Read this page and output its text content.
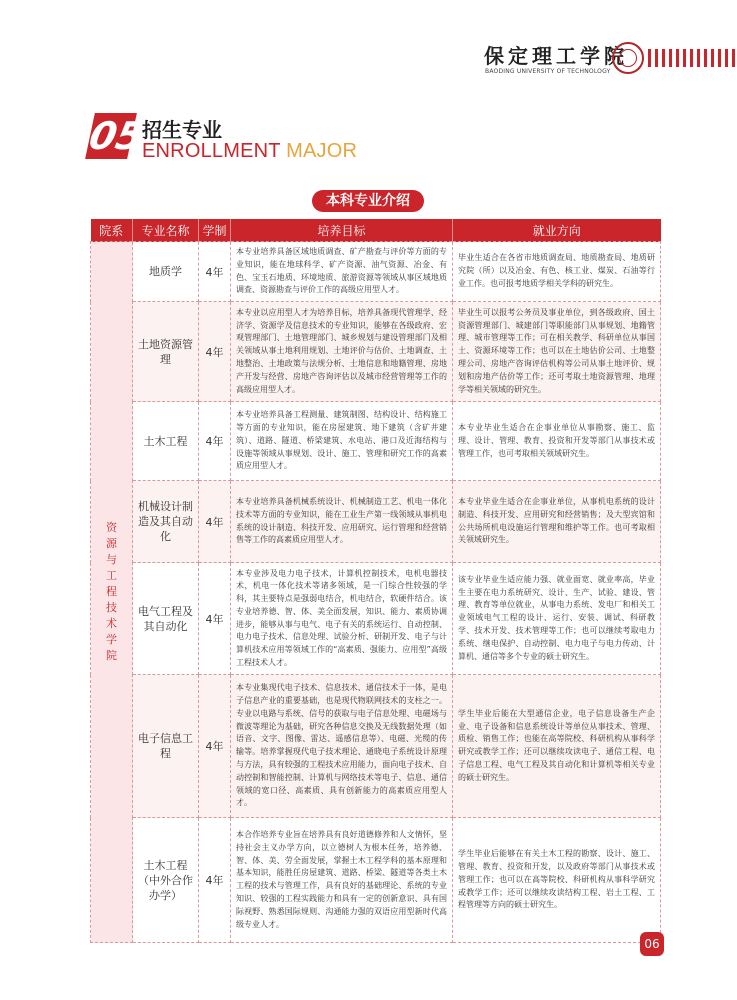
保定理工学院
BAODING UNIVERSITY OF TECHNOLOGY
05
招生专业
ENROLLMENT MAJOR
本科专业介绍
院系	专业名称	学制	培养目标	就业方向
资源与工程技术学院	地质学	4年	本专业培养具备区域地质调查、矿产勘查与评价等方面的专业知识，能在地球科学、矿产资源、油气资源、冶金、有色、宝玉石地质、环境地质、旅游资源等领域从事区域地质调查、资源勘查与评价工作的高级应用型人才。	毕业生适合在各省市地质调查局、地质勘查局、地质研究院（所）以及冶金、有色、核工业、煤炭、石油等行业工作。也可报考地质学相关学科的研究生。
	土地资源管理	4年	本专业以应用型人才为培养目标，培养具备现代管理学、经济学、资源学及信息技术的专业知识，能够在各级政府、宏观管理部门、土地管理部门、城乡规划与建设管理部门及相关领域从事土地利用规划、土地评价与估价、土地调查、土地整治、土地政策与法规分析、土地信息和地籍管理、房地产开发与经营、房地产咨询评估以及城市经营管理等工作的高级应用型人才。	毕业生可以报考公务员及事业单位，到各级政府、国土资源管理部门、城建部门等职能部门从事规划、地籍管理、城市管理等工作；可在相关教学、科研单位从事国土、资源环境等工作；也可以在土地估价公司、土地整理公司、房地产咨询评估机构等公司从事土地评价、规划和房地产估价等工作；还可考取土地资源管理、地理学等相关领域的研究生。
	土木工程	4年	本专业培养具备工程测量、建筑制图、结构设计、结构施工等方面的专业知识，能在房屋建筑、地下建筑（含矿井建筑）、道路、隧道、桥梁建筑、水电站、港口及近海结构与设施等领域从事规划、设计、施工、管理和研究工作的高素质应用型人才。	本专业毕业生适合在企事业单位从事勘察、施工、监理、设计、管理、教育、投资和开发等部门从事技术或管理工作，也可考取相关领域研究生。
	机械设计制造及其自动化	4年	本专业培养具备机械系统设计、机械制造工艺、机电一体化技术等方面的专业知识，能在工业生产第一线领域从事机电系统的设计制造、科技开发、应用研究、运行管理和经营销售等工作的高素质应用型人才。	本专业毕业生适合在企事业单位，从事机电系统的设计制造、科技开发、应用研究和经营销售；及大型宾馆和公共场所机电设施运行管理和维护等工作。也可考取相关领域研究生。
	电气工程及其自动化	4年	本专业涉及电力电子技术，计算机控制技术，电机电器技术，机电一体化技术等诸多领域，是一门综合性较强的学科，其主要特点是强弱电结合，机电结合，软硬件结合。该专业培养德、智、体、美全面发展，知识、能力、素质协调进步，能够从事与电气、电子有关的系统运行、自动控制、电力电子技术、信息处理、试验分析、研制开发、电子与计算机技术应用等领域工作的“高素质、强能力、应用型”高级工程技术人才。	该专业毕业生适应能力强、就业面宽、就业率高，毕业生主要在电力系统研究、设计、生产、试验、建设、管理、教育等单位就业，从事电力系统、发电厂和相关工业领域电气工程的设计、运行、安装、调试、科研教学、技术开发、技术管理等工作；也可以继续考取电力系统、继电保护、自动控制、电力电子与电力传动、计算机、通信等多个专业的硕士研究生。
	电子信息工程	4年	本专业集现代电子技术、信息技术、通信技术于一体，是电子信息产业的重要基础，也是现代物联网技术的支柱之一。专业以电路与系统、信号的获取与电子信息处理、电磁场与微波等理论为基础，研究各种信息交换及无线数据处理（如语音、文字、图像、雷达、遥感信息等）、电磁、光缆的传输等。培养掌握现代电子技术理论、通晓电子系统设计原理与方法，具有较强的工程技术应用能力，面向电子技术、自动控制和智能控制、计算机与网络技术等电子、信息、通信领域的宽口径、高素质、具有创新能力的高素质应用型人才。	学生毕业后能在大型通信企业，电子信息设备生产企业、电子设备和信息系统设计等单位从事技术、管理、质检、销售工作；也能在高等院校、科研机构从事科学研究或教学工作；还可以继续攻读电子、通信工程、电子信息工程、电气工程及其自动化和计算机等相关专业的硕士研究生。
	土木工程（中外合作办学）	4年	本合作培养专业旨在培养具有良好道德修养和人文情怀，坚持社会主义办学方向，以立德树人为根本任务，培养德、智、体、美、劳全面发展，掌握土木工程学科的基本原理和基本知识，能胜任房屋建筑、道路、桥梁、隧道等各类土木工程的技术与管理工作，具有良好的基础理论、系统的专业知识、较强的工程实践能力和具有一定的创新意识、具有国际视野、熟悉国际规则、沟通能力强的双语应用型新时代高级专业人才。	学生毕业后能够在有关土木工程的勘察、设计、施工、管理、教育、投资和开发，以及政府等部门从事技术或管理工作；也可以在高等院校、科研机构从事科学研究或教学工作；还可以继续攻读结构工程、岩土工程、工程管理等方向的硕士研究生。
06
